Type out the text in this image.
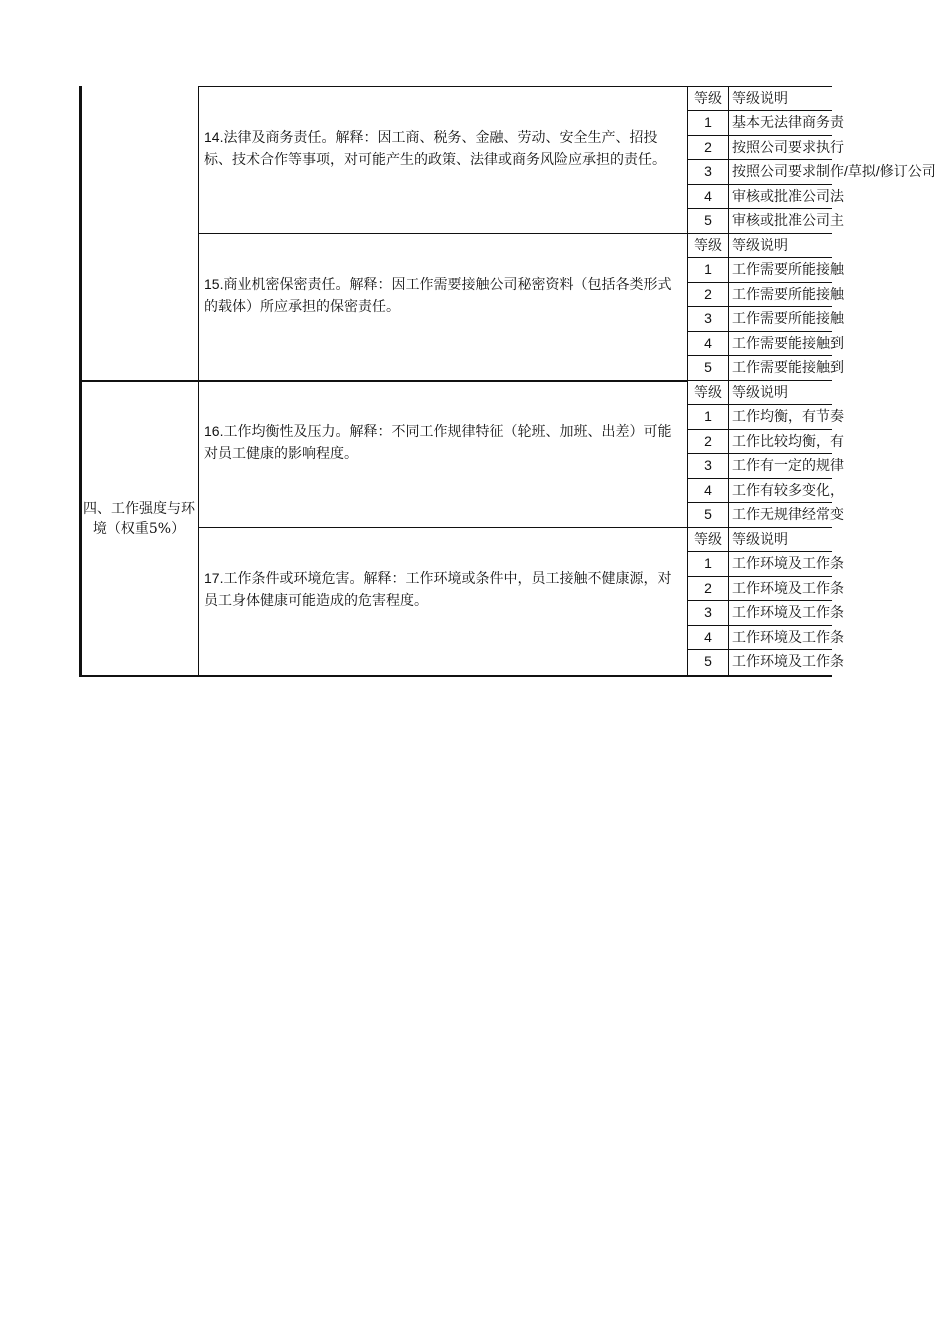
四、工作强度与环境（权重5%）
14.法律及商务责任。解释：因工商、税务、金融、劳动、安全生产、招投标、技术合作等事项，对可能产生的政策、法律或商务风险应承担的责任。
等级 等级说明
1	基本无法律商务责
2	按照公司要求执行
3	按照公司要求制作/草拟/修订公司
4	审核或批准公司法
5	审核或批准公司主
15.商业机密保密责任。解释：因工作需要接触公司秘密资料（包括各类形式的载体）所应承担的保密责任。
等级 等级说明
1	工作需要所能接触
2	工作需要所能接触
3	工作需要所能接触
4	工作需要能接触到
5	工作需要能接触到
16.工作均衡性及压力。解释：不同工作规律特征（轮班、加班、出差）可能对员工健康的影响程度。
等级 等级说明
1	工作均衡，有节奏
2	工作比较均衡，有
3	工作有一定的规律
4	工作有较多变化，
5	工作无规律经常变
17.工作条件或环境危害。解释：工作环境或条件中，员工接触不健康源，对员工身体健康可能造成的危害程度。
等级 等级说明
1	工作环境及工作条
2	工作环境及工作条
3	工作环境及工作条
4	工作环境及工作条
5	工作环境及工作条
